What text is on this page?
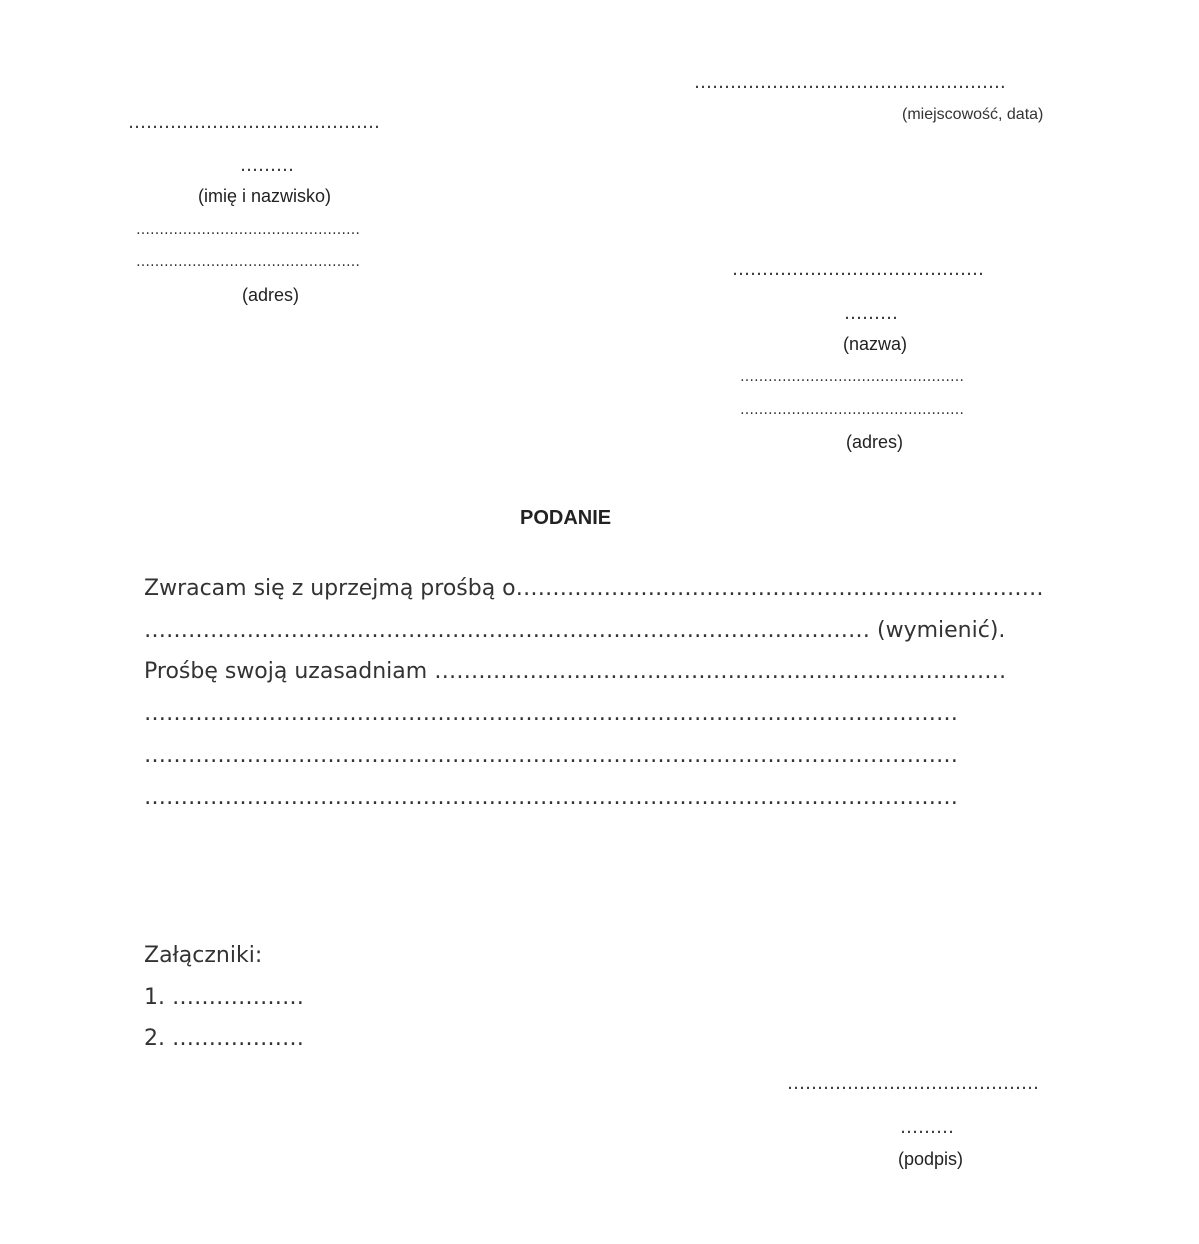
…………………………………………….
(miejscowość, data)
……………………………………
………
(imię i nazwisko)
…………………………………………
…………………………………………
(adres)
……………………………………
………
(nazwa)
…………………………………………
…………………………………………
(adres)
PODANIE
Zwracam się z uprzejmą prośbą o………………………………………………………………
……………………………………………………………………………………… (wymienić).
Prośbę swoją uzasadniam ……………………………………………………………………
…………………………………………………………………………………………………
…………………………………………………………………………………………………
…………………………………………………………………………………………………
Załączniki:
1. ………………
2. ………………
……………………………………
………
(podpis)
